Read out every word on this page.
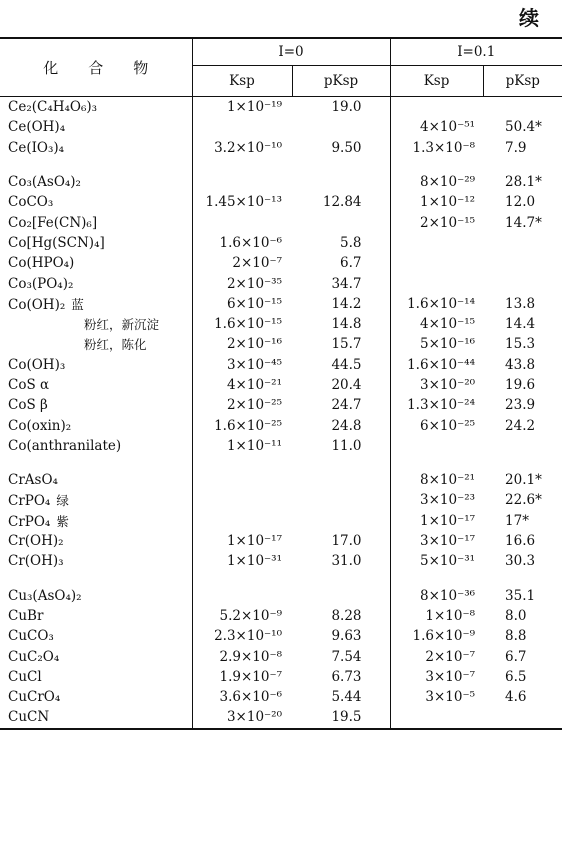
续
化　　合　　物	I=0		I=0.1	
	Ksp	pKsp	Ksp	pKsp
Ce₂(C₄H₄O₆)₃	1×10⁻¹⁹	19.0		
Ce(OH)₄			4×10⁻⁵¹	50.4*
Ce(IO₃)₄	3.2×10⁻¹⁰	9.50	1.3×10⁻⁸	7.9

Co₃(AsO₄)₂			8×10⁻²⁹	28.1*
CoCO₃	1.45×10⁻¹³	12.84	1×10⁻¹²	12.0
Co₂[Fe(CN)₆]			2×10⁻¹⁵	14.7*
Co[Hg(SCN)₄]	1.6×10⁻⁶	5.8		
Co(HPO₄)	2×10⁻⁷	6.7		
Co₃(PO₄)₂	2×10⁻³⁵	34.7		
Co(OH)₂ 蓝	6×10⁻¹⁵	14.2	1.6×10⁻¹⁴	13.8
粉红，新沉淀	1.6×10⁻¹⁵	14.8	4×10⁻¹⁵	14.4
粉红，陈化	2×10⁻¹⁶	15.7	5×10⁻¹⁶	15.3
Co(OH)₃	3×10⁻⁴⁵	44.5	1.6×10⁻⁴⁴	43.8
CoS α	4×10⁻²¹	20.4	3×10⁻²⁰	19.6
CoS β	2×10⁻²⁵	24.7	1.3×10⁻²⁴	23.9
Co(oxin)₂	1.6×10⁻²⁵	24.8	6×10⁻²⁵	24.2
Co(anthranilate)	1×10⁻¹¹	11.0		

CrAsO₄			8×10⁻²¹	20.1*
CrPO₄ 绿			3×10⁻²³	22.6*
CrPO₄ 紫			1×10⁻¹⁷	17*
Cr(OH)₂	1×10⁻¹⁷	17.0	3×10⁻¹⁷	16.6
Cr(OH)₃	1×10⁻³¹	31.0	5×10⁻³¹	30.3

Cu₃(AsO₄)₂			8×10⁻³⁶	35.1
CuBr	5.2×10⁻⁹	8.28	1×10⁻⁸	8.0
CuCO₃	2.3×10⁻¹⁰	9.63	1.6×10⁻⁹	8.8
CuC₂O₄	2.9×10⁻⁸	7.54	2×10⁻⁷	6.7
CuCl	1.9×10⁻⁷	6.73	3×10⁻⁷	6.5
CuCrO₄	3.6×10⁻⁶	5.44	3×10⁻⁵	4.6
CuCN	3×10⁻²⁰	19.5		
